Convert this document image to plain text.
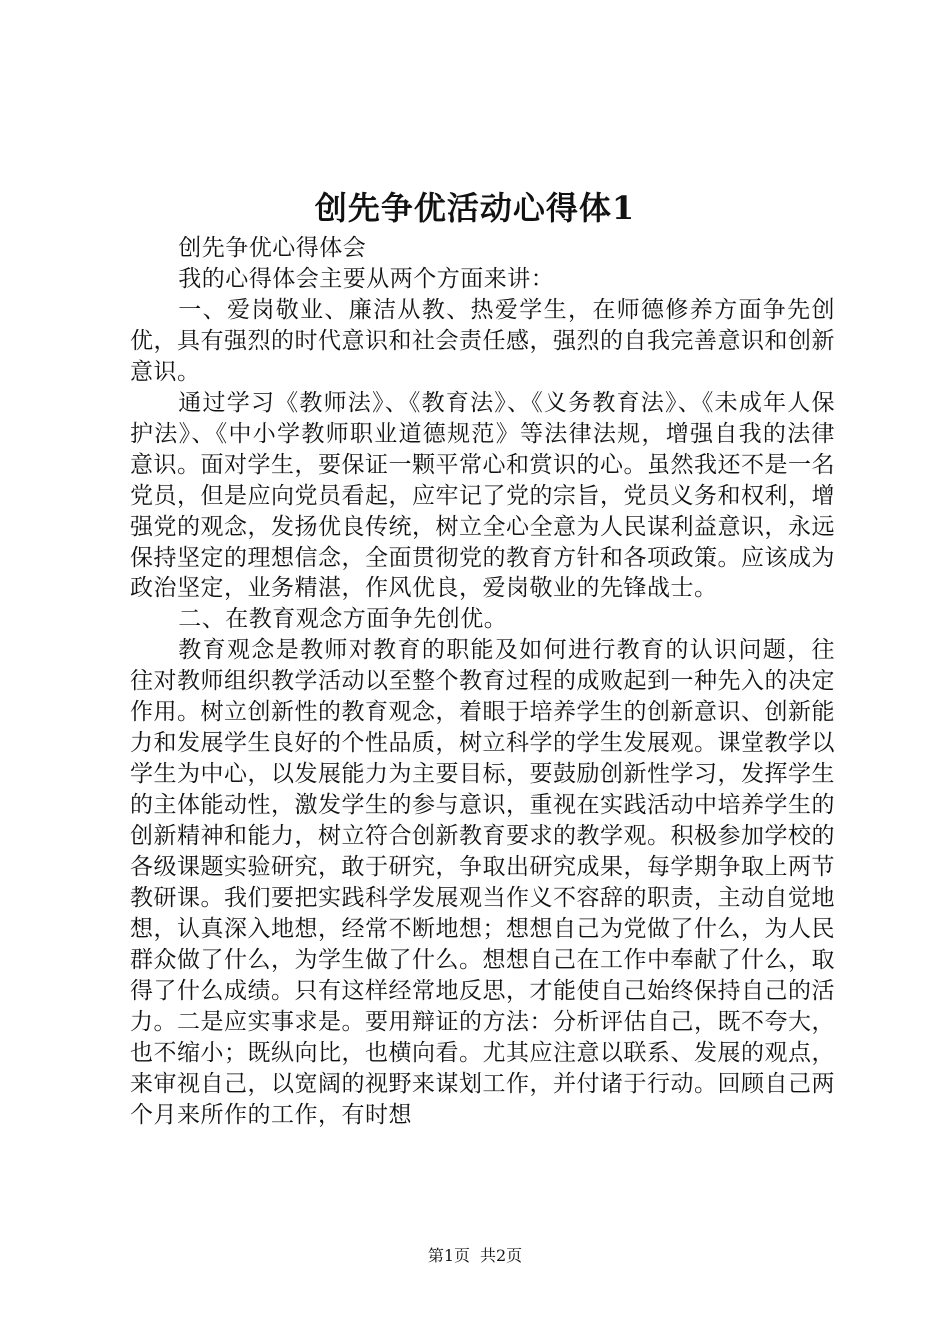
创先争优活动心得体1

创先争优心得体会

我的心得体会主要从两个方面来讲：

一、爱岗敬业、廉洁从教、热爱学生，在师德修养方面争先创优，具有强烈的时代意识和社会责任感，强烈的自我完善意识和创新意识。

通过学习《教师法》、《教育法》、《义务教育法》、《未成年人保护法》、《中小学教师职业道德规范》等法律法规，增强自我的法律意识。面对学生，要保证一颗平常心和赏识的心。虽然我还不是一名党员，但是应向党员看起，应牢记了党的宗旨，党员义务和权利，增强党的观念，发扬优良传统，树立全心全意为人民谋利益意识，永远保持坚定的理想信念，全面贯彻党的教育方针和各项政策。应该成为政治坚定，业务精湛，作风优良，爱岗敬业的先锋战士。

二、在教育观念方面争先创优。

教育观念是教师对教育的职能及如何进行教育的认识问题，往往对教师组织教学活动以至整个教育过程的成败起到一种先入的决定作用。树立创新性的教育观念，着眼于培养学生的创新意识、创新能力和发展学生良好的个性品质，树立科学的学生发展观。课堂教学以学生为中心，以发展能力为主要目标，要鼓励创新性学习，发挥学生的主体能动性，激发学生的参与意识，重视在实践活动中培养学生的创新精神和能力，树立符合创新教育要求的教学观。积极参加学校的各级课题实验研究，敢于研究，争取出研究成果，每学期争取上两节教研课。我们要把实践科学发展观当作义不容辞的职责，主动自觉地想，认真深入地想，经常不断地想；想想自己为党做了什么，为人民群众做了什么，为学生做了什么。想想自己在工作中奉献了什么，取得了什么成绩。只有这样经常地反思，才能使自己始终保持自己的活力。二是应实事求是。要用辩证的方法：分析评估自己，既不夸大，也不缩小；既纵向比，也横向看。尤其应注意以联系、发展的观点，来审视自己，以宽阔的视野来谋划工作，并付诸于行动。回顾自己两个月来所作的工作，有时想

第1页 共2页
